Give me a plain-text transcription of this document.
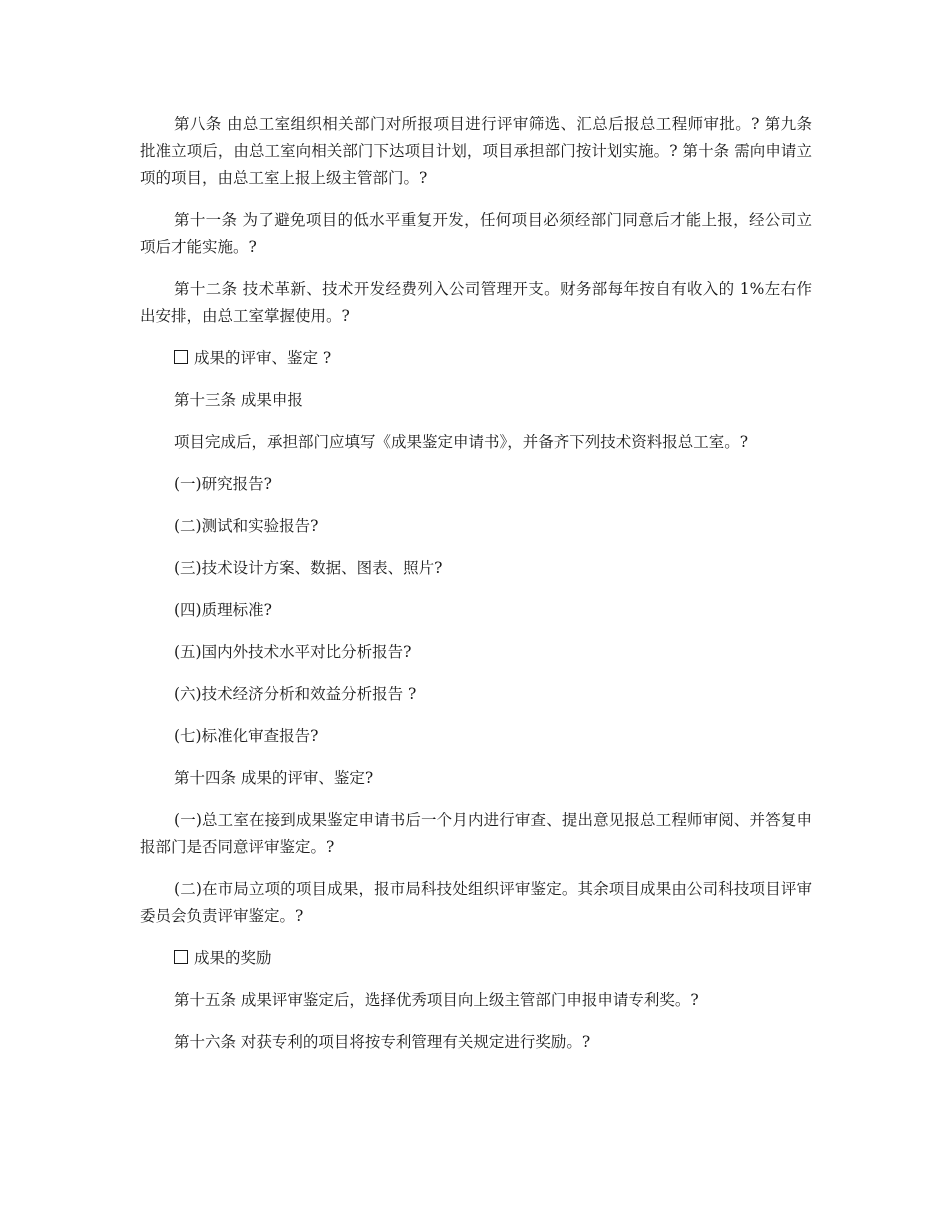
第八条 由总工室组织相关部门对所报项目进行评审筛选、汇总后报总工程师审批。? 第九条 批准立项后，由总工室向相关部门下达项目计划，项目承担部门按计划实施。? 第十条 需向申请立项的项目，由总工室上报上级主管部门。?

第十一条 为了避免项目的低水平重复开发，任何项目必须经部门同意后才能上报，经公司立项后才能实施。?

第十二条 技术革新、技术开发经费列入公司管理开支。财务部每年按自有收入的 1%左右作出安排，由总工室掌握使用。?

成果的评审、鉴定 ?

第十三条 成果申报

项目完成后，承担部门应填写《成果鉴定申请书》，并备齐下列技术资料报总工室。?

(一)研究报告?

(二)测试和实验报告?

(三)技术设计方案、数据、图表、照片?

(四)质理标准?

(五)国内外技术水平对比分析报告?

(六)技术经济分析和效益分析报告 ?

(七)标准化审查报告?

第十四条 成果的评审、鉴定?

(一)总工室在接到成果鉴定申请书后一个月内进行审查、提出意见报总工程师审阅、并答复申报部门是否同意评审鉴定。?

(二)在市局立项的项目成果，报市局科技处组织评审鉴定。其余项目成果由公司科技项目评审委员会负责评审鉴定。?

成果的奖励

第十五条 成果评审鉴定后，选择优秀项目向上级主管部门申报申请专利奖。?

第十六条 对获专利的项目将按专利管理有关规定进行奖励。?
